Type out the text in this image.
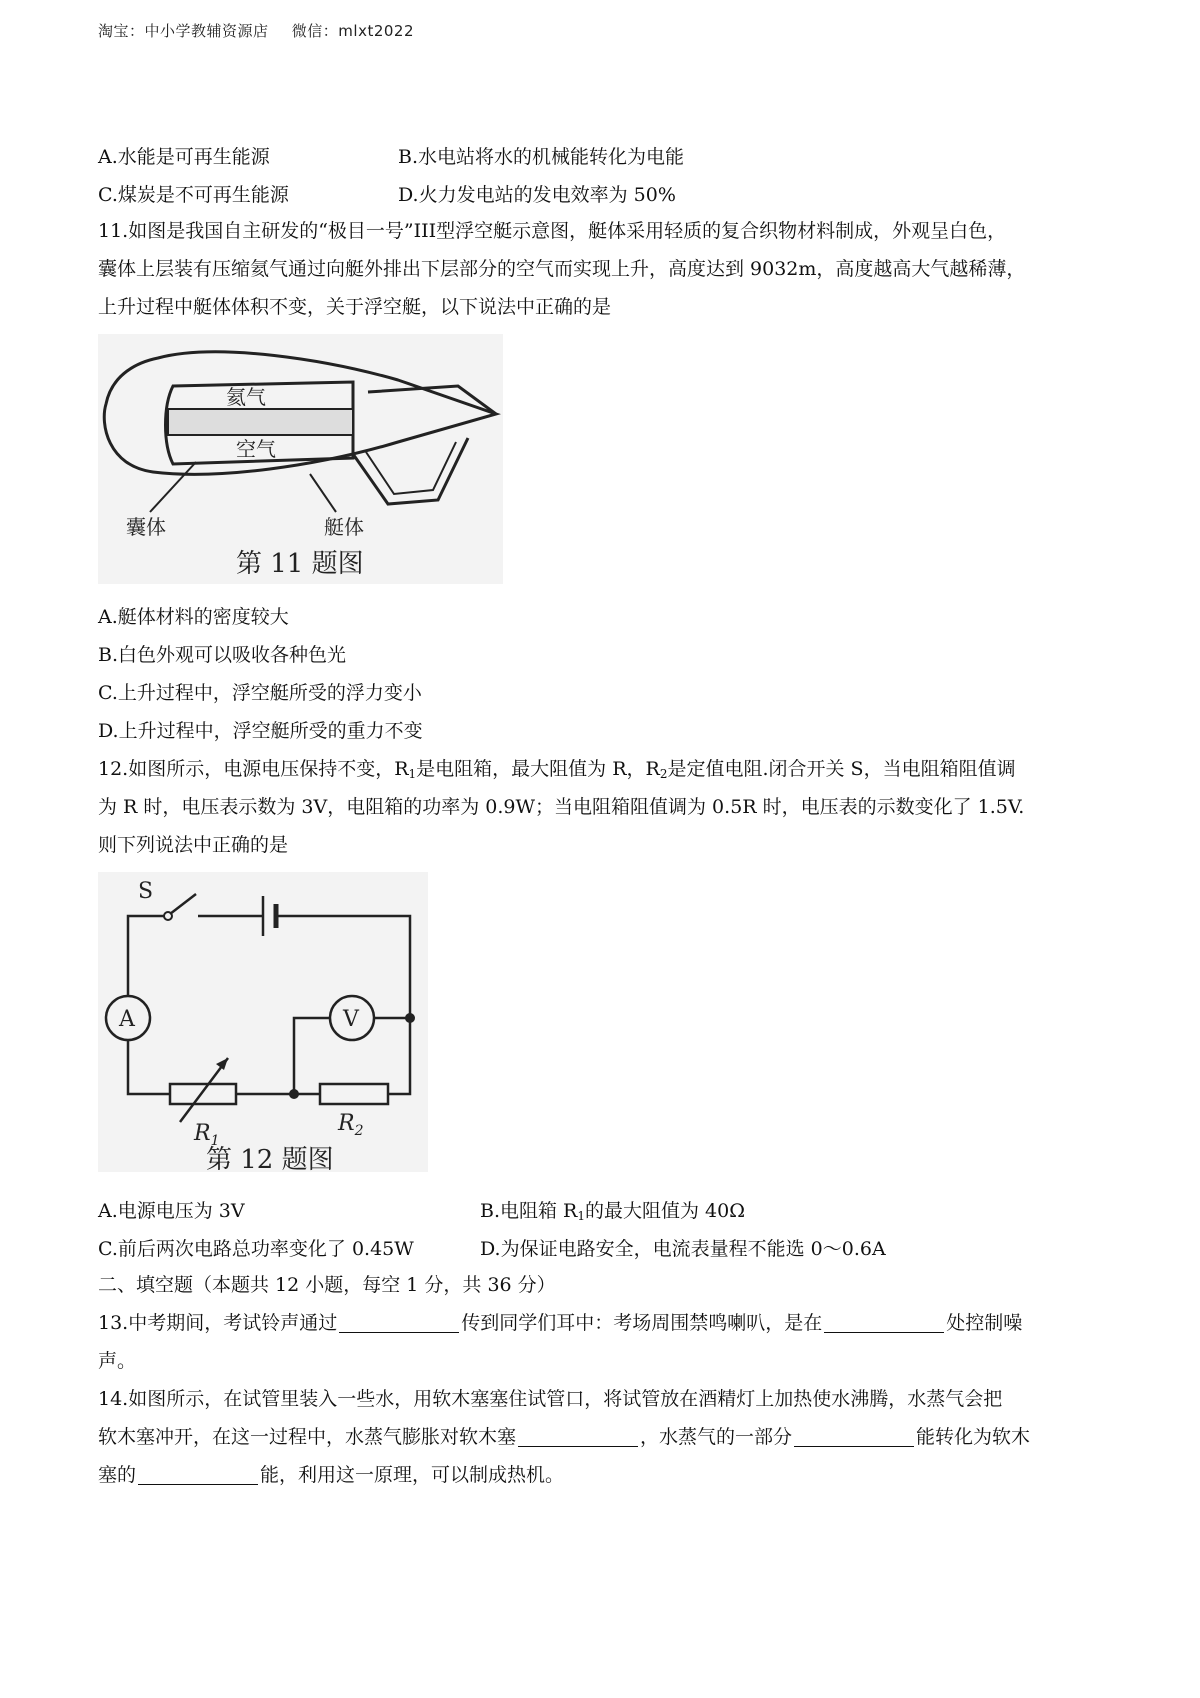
淘宝：中小学教辅资源店 微信：mlxt2022
A.水能是可再生能源	B.水电站将水的机械能转化为电能
C.煤炭是不可再生能源	D.火力发电站的发电效率为 50%
11.如图是我国自主研发的“极目一号”III型浮空艇示意图，艇体采用轻质的复合织物材料制成，外观呈白色，
囊体上层装有压缩氦气通过向艇外排出下层部分的空气而实现上升，高度达到 9032m，高度越高大气越稀薄，
上升过程中艇体体积不变，关于浮空艇，以下说法中正确的是
氦气
空气
囊体	艇体
第 11 题图
A.艇体材料的密度较大
B.白色外观可以吸收各种色光
C.上升过程中，浮空艇所受的浮力变小
D.上升过程中，浮空艇所受的重力不变
12.如图所示，电源电压保持不变，$R_1$是电阻箱，最大阻值为 R，$R_2$是定值电阻.闭合开关 S，当电阻箱阻值调
为 R 时，电压表示数为 3V，电阻箱的功率为 0.9W；当电阻箱阻值调为 0.5R 时，电压表的示数变化了 1.5V.
则下列说法中正确的是
A	V
S
$R_1$
$R_2$
第 12 题图
A.电源电压为 3V	B.电阻箱 $R_1$的最大阻值为 40Ω
C.前后两次电路总功率变化了 0.45W	D.为保证电路安全，电流表量程不能选 0～0.6A
二、填空题（本题共 12 小题，每空 1 分，共 36 分）
13.中考期间，考试铃声通过	传到同学们耳中：考场周围禁鸣喇叭，是在	处控制噪
声。
14.如图所示，在试管里装入一些水，用软木塞塞住试管口，将试管放在酒精灯上加热使水沸腾，水蒸气会把
软木塞冲开，在这一过程中，水蒸气膨胀对软木塞	，水蒸气的一部分	能转化为软木
塞的	能，利用这一原理，可以制成热机。
